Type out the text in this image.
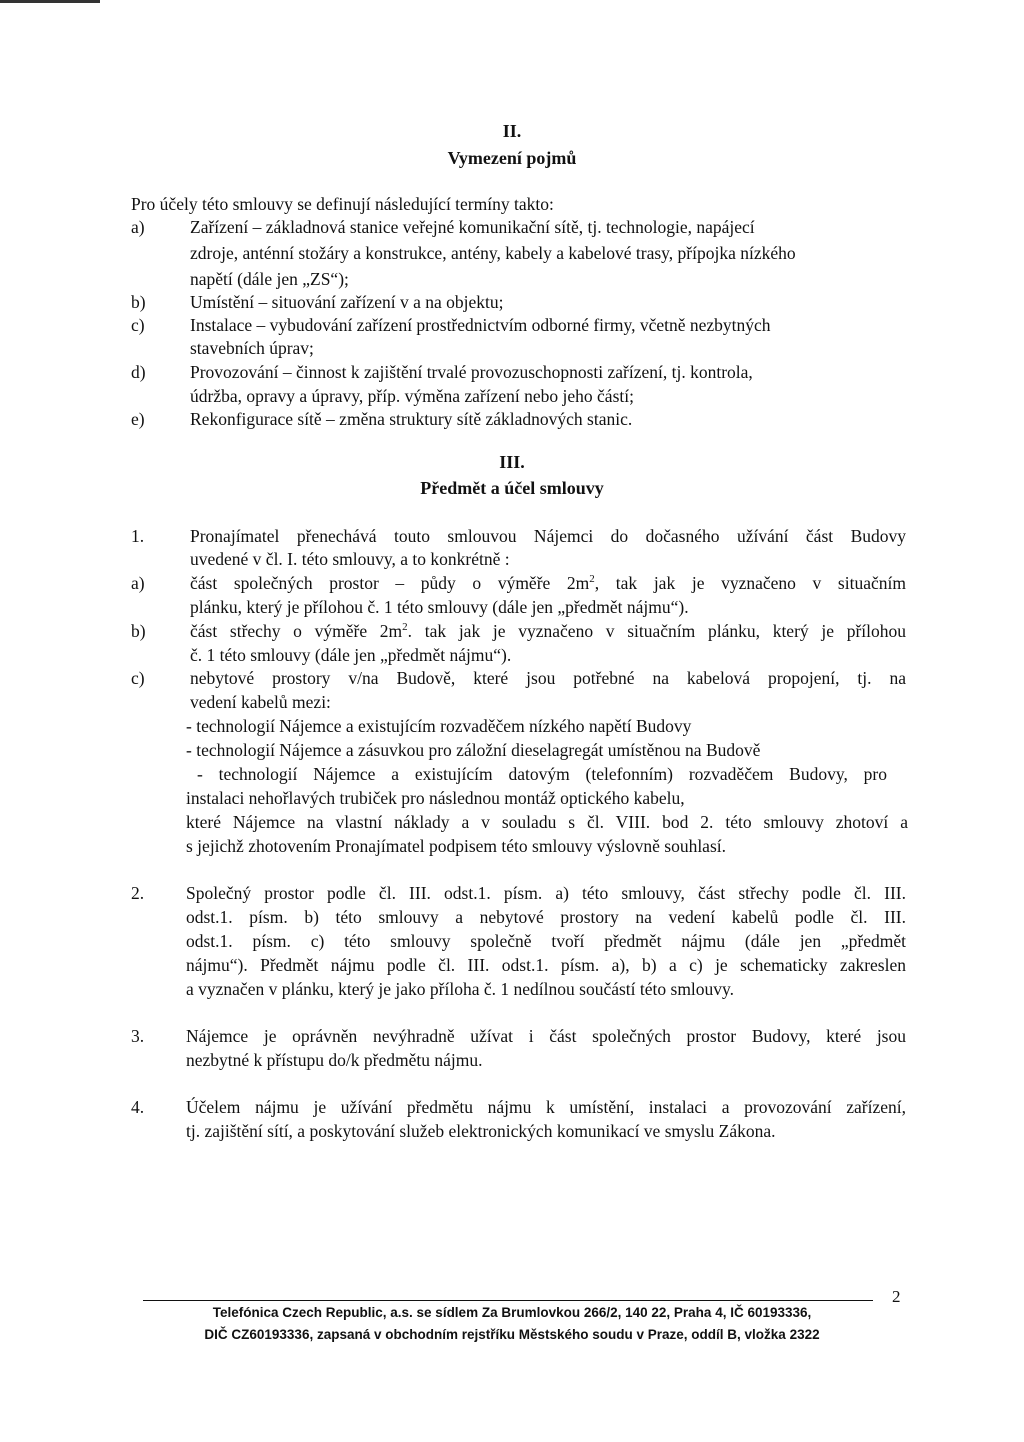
II.
Vymezení pojmů
Pro účely této smlouvy se definují následující termíny takto:
a)	Zařízení – základnová stanice veřejné komunikační sítě, tj. technologie, napájecí
zdroje, anténní stožáry a konstrukce, antény, kabely a kabelové trasy, přípojka nízkého
napětí (dále jen „ZS“);
b)	Umístění – situování zařízení v a na objektu;
c)	Instalace – vybudování zařízení prostřednictvím odborné firmy, včetně nezbytných
stavebních úprav;
d)	Provozování – činnost k zajištění trvalé provozuschopnosti zařízení, tj. kontrola,
údržba, opravy a úpravy, příp. výměna zařízení nebo jeho částí;
e)	Rekonfigurace sítě – změna struktury sítě základnových stanic.
III.
Předmět a účel smlouvy
1.	Pronajímatel přenechává touto smlouvou Nájemci do dočasného užívání část Budovy
uvedené v čl. I. této smlouvy, a to konkrétně :
a)	část společných prostor – půdy o výměře $2m^2$, tak jak je vyznačeno v situačním
plánku, který je přílohou č. 1 této smlouvy (dále jen „předmět nájmu“).
b)	část střechy o výměře $2m^2$. tak jak je vyznačeno v situačním plánku, který je přílohou
č. 1 této smlouvy (dále jen „předmět nájmu“).
c)	nebytové prostory v/na Budově, které jsou potřebné na kabelová propojení, tj. na
vedení kabelů mezi:
- technologií Nájemce a existujícím rozvaděčem nízkého napětí Budovy
- technologií Nájemce a zásuvkou pro záložní dieselagregát umístěnou na Budově
- technologií Nájemce a existujícím datovým (telefonním) rozvaděčem Budovy, pro
instalaci nehořlavých trubiček pro následnou montáž optického kabelu,
které Nájemce na vlastní náklady a v souladu s čl. VIII. bod 2. této smlouvy zhotoví a
s jejichž zhotovením Pronajímatel podpisem této smlouvy výslovně souhlasí.
2. Společný prostor podle čl. III. odst.1. písm. a) této smlouvy, část střechy podle čl. III.
odst.1. písm. b) této smlouvy a nebytové prostory na vedení kabelů podle čl. III.
odst.1. písm. c) této smlouvy společně tvoří předmět nájmu (dále jen „předmět
nájmu“). Předmět nájmu podle čl. III. odst.1. písm. a), b) a c) je schematicky zakreslen
a vyznačen v plánku, který je jako příloha č. 1 nedílnou součástí této smlouvy.
3. Nájemce je oprávněn nevýhradně užívat i část společných prostor Budovy, které jsou
nezbytné k přístupu do/k předmětu nájmu.
4. Účelem nájmu je užívání předmětu nájmu k umístění, instalaci a provozování zařízení,
tj. zajištění sítí, a poskytování služeb elektronických komunikací ve smyslu Zákona.
2
Telefónica Czech Republic, a.s. se sídlem Za Brumlovkou 266/2, 140 22, Praha 4, IČ 60193336,
DIČ CZ60193336, zapsaná v obchodním rejstříku Městského soudu v Praze, oddíl B, vložka 2322
